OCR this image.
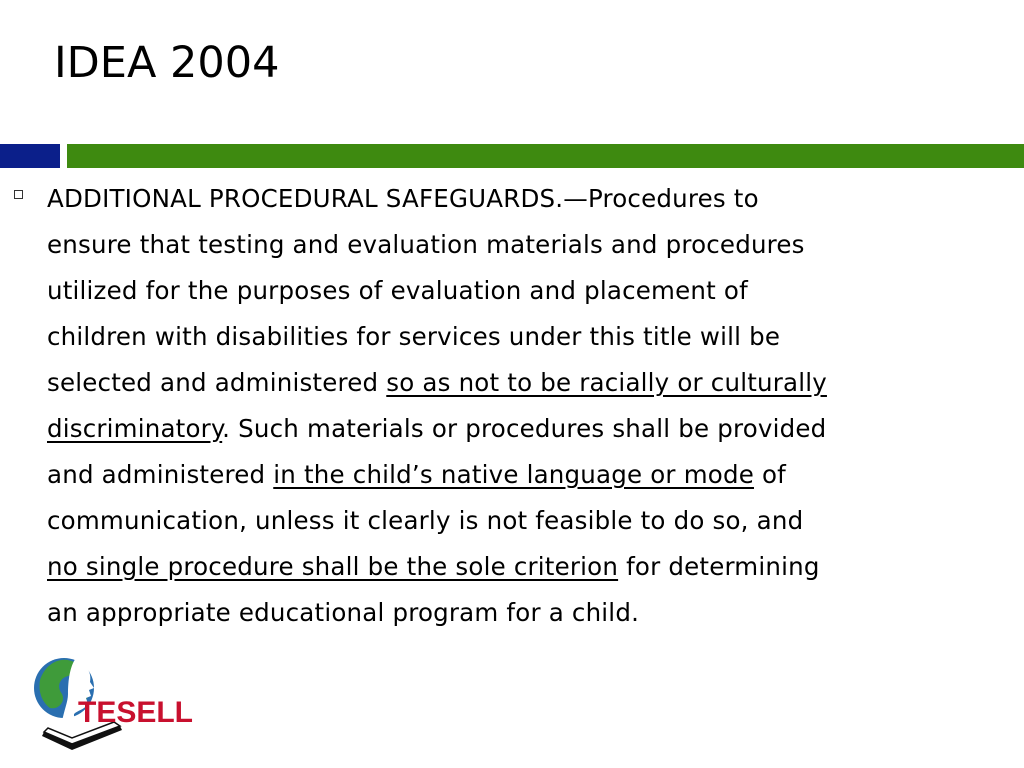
IDEA 2004

ADDITIONAL PROCEDURAL SAFEGUARDS.—Procedures to
ensure that testing and evaluation materials and procedures
utilized for the purposes of evaluation and placement of
children with disabilities for services under this title will be
selected and administered so as not to be racially or culturally
discriminatory. Such materials or procedures shall be provided
and administered in the child’s native language or mode of
communication, unless it clearly is not feasible to do so, and
no single procedure shall be the sole criterion for determining
an appropriate educational program for a child.

TESELL
